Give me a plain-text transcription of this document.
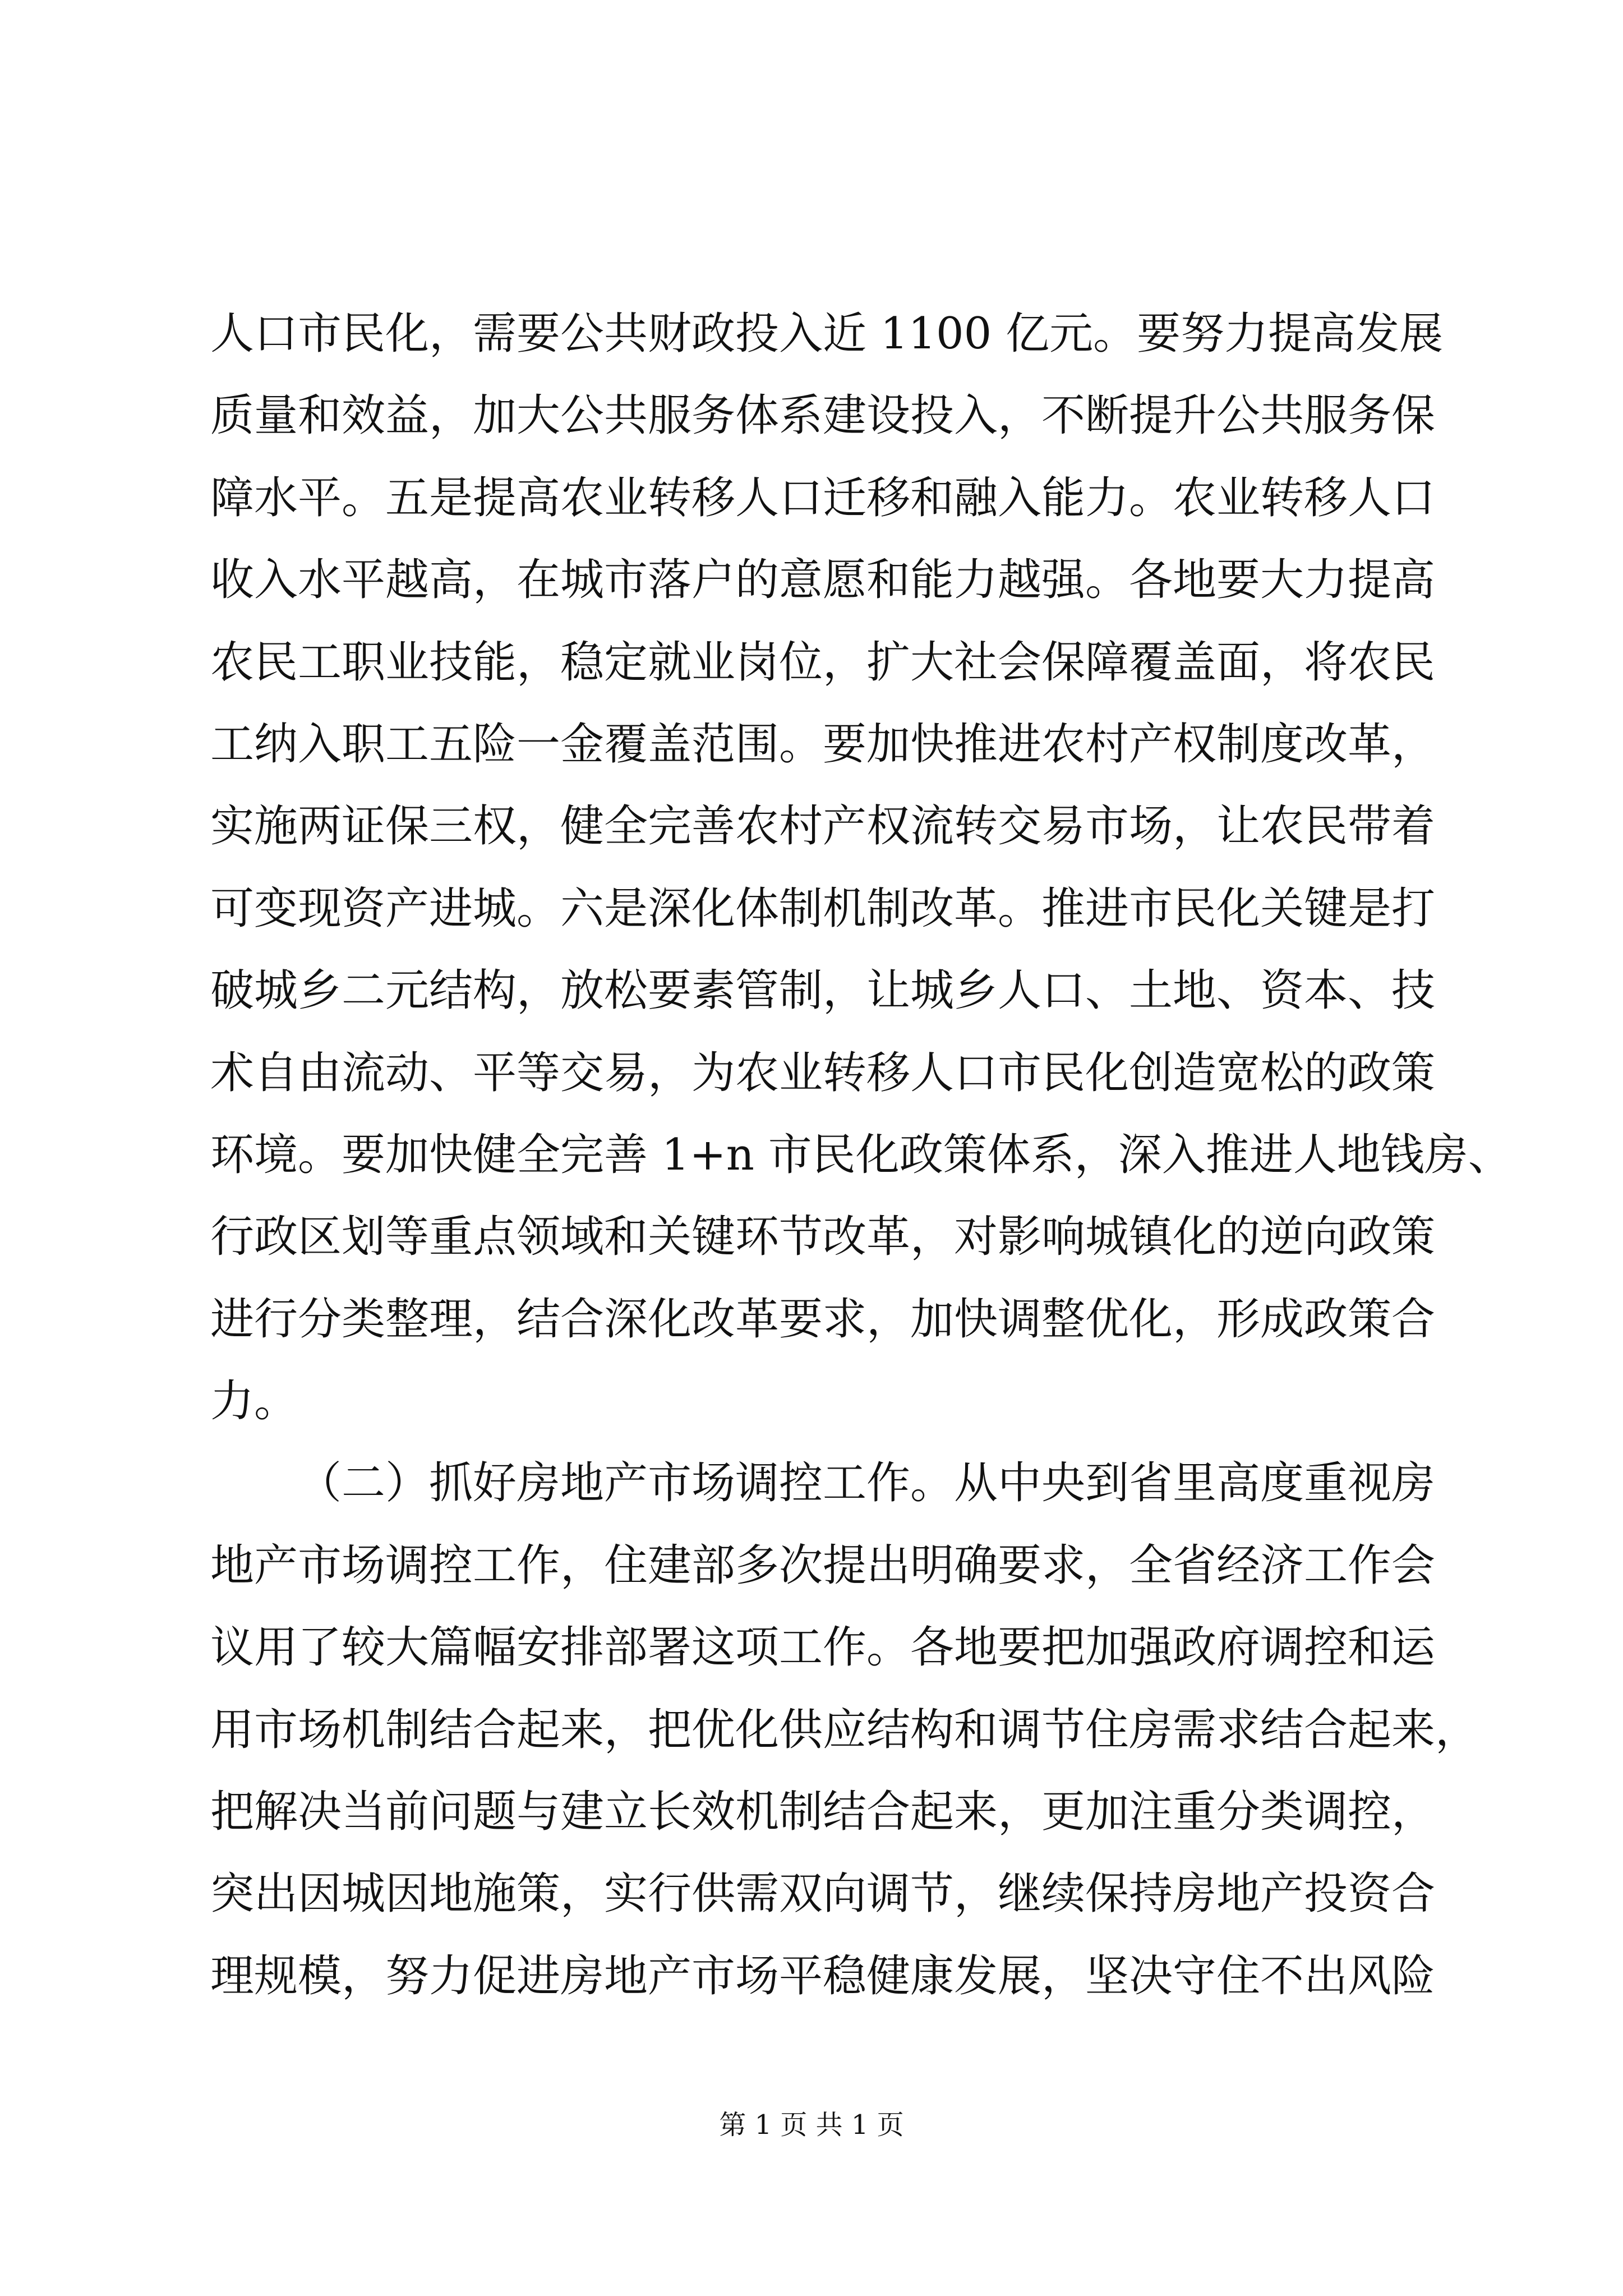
人口市民化，需要公共财政投入近 1100 亿元。要努力提高发展
质量和效益，加大公共服务体系建设投入，不断提升公共服务保
障水平。五是提高农业转移人口迁移和融入能力。农业转移人口
收入水平越高，在城市落户的意愿和能力越强。各地要大力提高
农民工职业技能，稳定就业岗位，扩大社会保障覆盖面，将农民
工纳入职工五险一金覆盖范围。要加快推进农村产权制度改革，
实施两证保三权，健全完善农村产权流转交易市场，让农民带着
可变现资产进城。六是深化体制机制改革。推进市民化关键是打
破城乡二元结构，放松要素管制，让城乡人口、土地、资本、技
术自由流动、平等交易，为农业转移人口市民化创造宽松的政策
环境。要加快健全完善 1+n 市民化政策体系，深入推进人地钱房、
行政区划等重点领域和关键环节改革，对影响城镇化的逆向政策
进行分类整理，结合深化改革要求，加快调整优化，形成政策合
力。
（二）抓好房地产市场调控工作。从中央到省里高度重视房
地产市场调控工作，住建部多次提出明确要求，全省经济工作会
议用了较大篇幅安排部署这项工作。各地要把加强政府调控和运
用市场机制结合起来，把优化供应结构和调节住房需求结合起来，
把解决当前问题与建立长效机制结合起来，更加注重分类调控，
突出因城因地施策，实行供需双向调节，继续保持房地产投资合
理规模，努力促进房地产市场平稳健康发展，坚决守住不出风险
第 1 页 共 1 页
